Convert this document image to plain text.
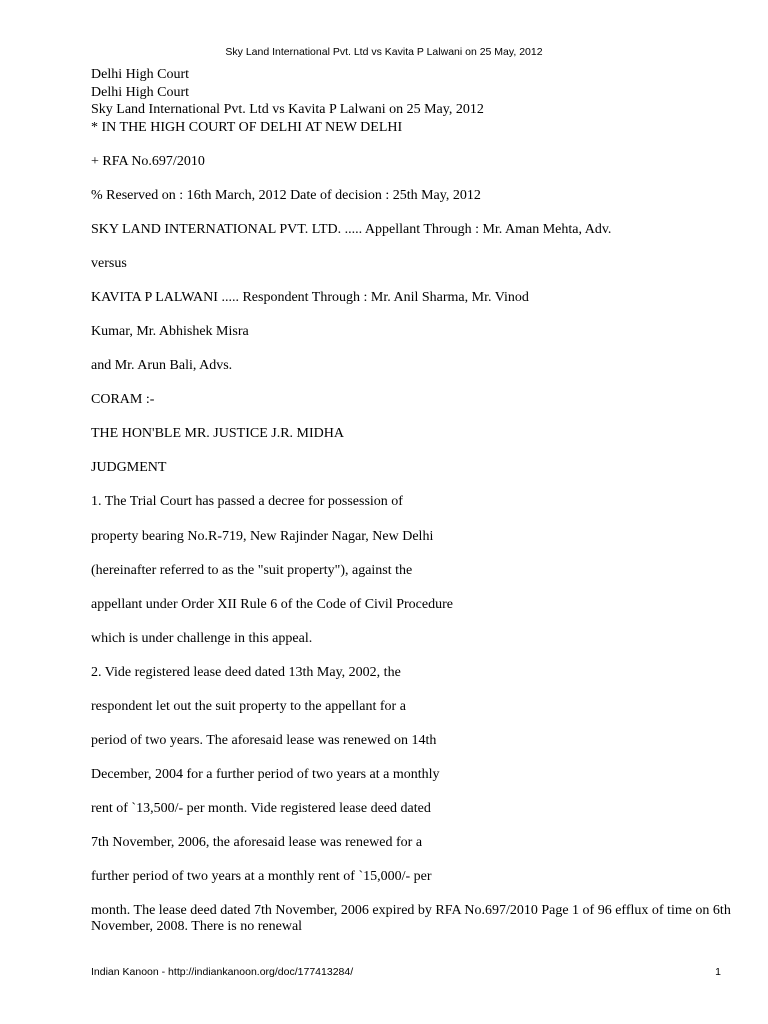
Sky Land International Pvt. Ltd vs Kavita P Lalwani on 25 May, 2012

Delhi High Court

Delhi High Court

Sky Land International Pvt. Ltd vs Kavita P Lalwani on 25 May, 2012

* IN THE HIGH COURT OF DELHI AT NEW DELHI

+ RFA No.697/2010

% Reserved on : 16th March, 2012 Date of decision : 25th May, 2012

SKY LAND INTERNATIONAL PVT. LTD. ..... Appellant Through : Mr. Aman Mehta, Adv.

versus

KAVITA P LALWANI ..... Respondent Through : Mr. Anil Sharma, Mr. Vinod

Kumar, Mr. Abhishek Misra

and Mr. Arun Bali, Advs.

CORAM :-

THE HON'BLE MR. JUSTICE J.R. MIDHA

JUDGMENT

1. The Trial Court has passed a decree for possession of

property bearing No.R-719, New Rajinder Nagar, New Delhi

(hereinafter referred to as the "suit property"), against the

appellant under Order XII Rule 6 of the Code of Civil Procedure

which is under challenge in this appeal.

2. Vide registered lease deed dated 13th May, 2002, the

respondent let out the suit property to the appellant for a

period of two years. The aforesaid lease was renewed on 14th

December, 2004 for a further period of two years at a monthly

rent of `13,500/- per month. Vide registered lease deed dated

7th November, 2006, the aforesaid lease was renewed for a

further period of two years at a monthly rent of `15,000/- per

month. The lease deed dated 7th November, 2006 expired by RFA No.697/2010 Page 1 of 96 efflux of time on 6th November, 2008. There is no renewal

Indian Kanoon - http://indiankanoon.org/doc/177413284/	1
